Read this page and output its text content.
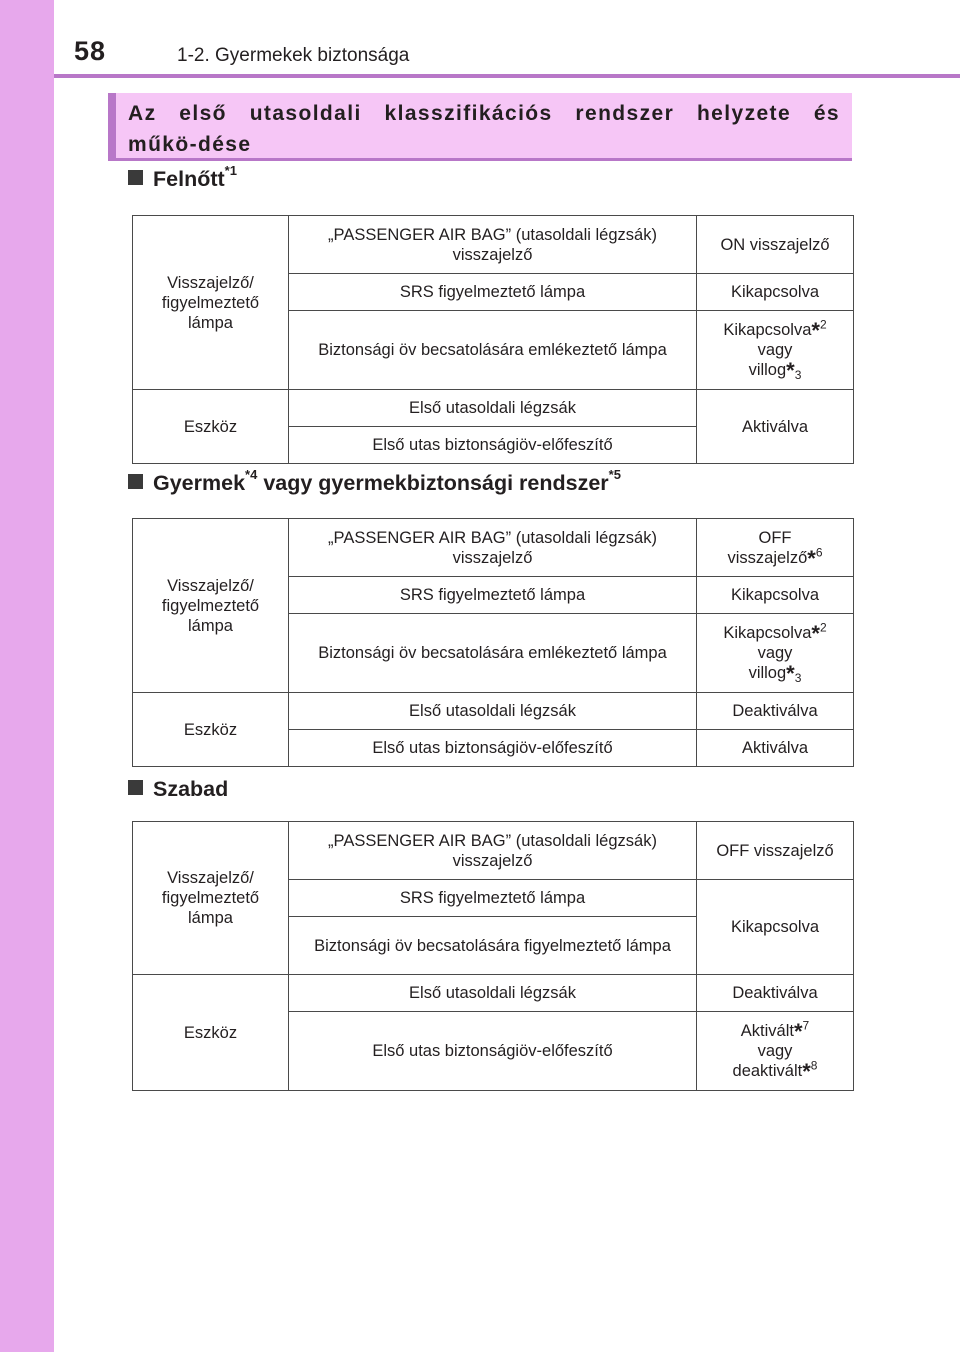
58	1-2. Gyermekek biztonsága
Az első utasoldali klasszifikációs rendszer helyzete és műkö-dése
Felnőtt$^{*1}$
Visszajelző/ figyelmeztető lámpa	„PASSENGER AIR BAG” (utasoldali légzsák) visszajelző	ON visszajelző
	SRS figyelmeztető lámpa	Kikapcsolva
	Biztonsági öv becsatolására emlékeztető lámpa	Kikapcsolva*$^2$
vagy
$villog*_3$
Eszköz	Első utasoldali légzsák	Aktiválva
	Első utas biztonságiöv-előfeszítő	
Gyermek$^{*4}$ vagy gyermekbiztonsági rendszer$^{*5}$
Visszajelző/ figyelmeztető lámpa	„PASSENGER AIR BAG” (utasoldali légzsák) visszajelző	OFF
visszajelző*$^6$
	SRS figyelmeztető lámpa	Kikapcsolva
	Biztonsági öv becsatolására emlékeztető lámpa	Kikapcsolva*$^2$
vagy
$villog*_3$
Eszköz	Első utasoldali légzsák	Deaktiválva
	Első utas biztonságiöv-előfeszítő	Aktiválva
Szabad
Visszajelző/ figyelmeztető lámpa	„PASSENGER AIR BAG” (utasoldali légzsák) visszajelző	OFF visszajelző
	SRS figyelmeztető lámpa	Kikapcsolva
	Biztonsági öv becsatolására figyelmeztető lámpa	
Eszköz	Első utasoldali légzsák	Deaktiválva
	Első utas biztonságiöv-előfeszítő	Aktivált*$^7$
vagy
deaktivált*$^8$
